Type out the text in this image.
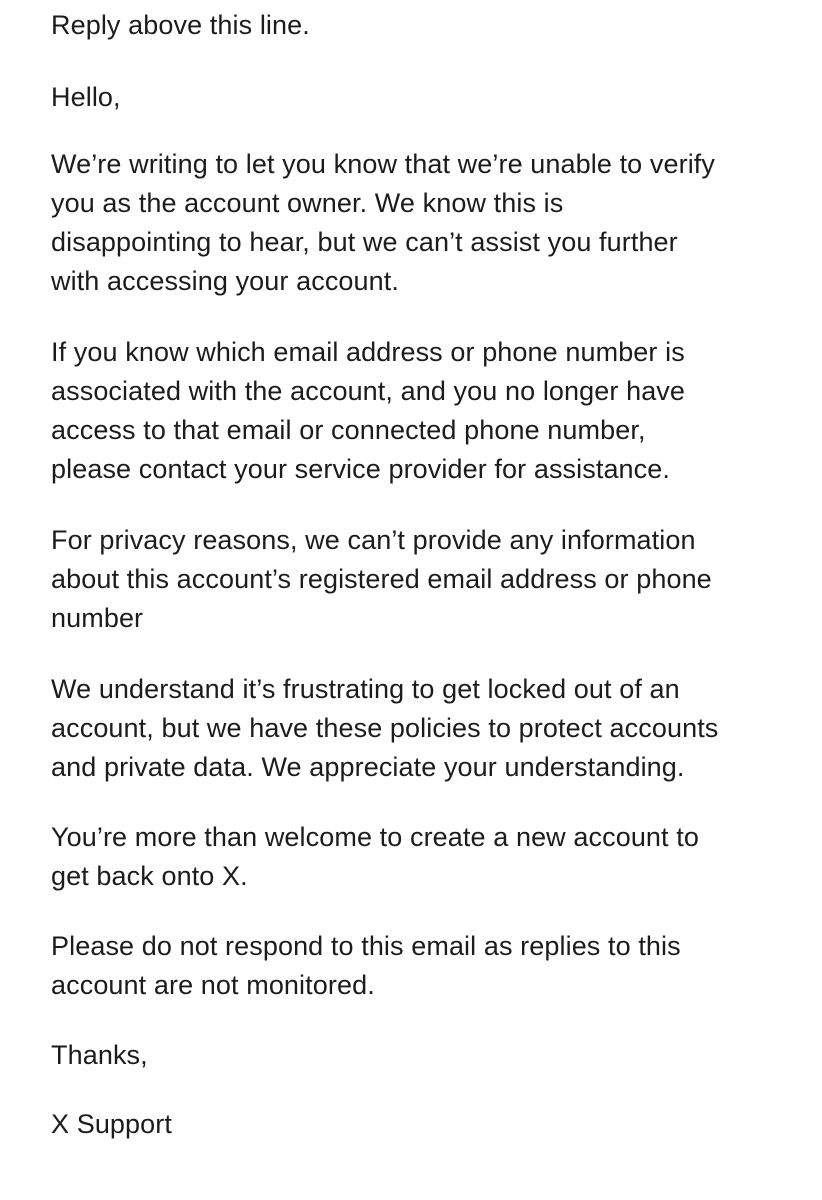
Reply above this line.
Hello,
We’re writing to let you know that we’re unable to verify
you as the account owner. We know this is
disappointing to hear, but we can’t assist you further
with accessing your account.
If you know which email address or phone number is
associated with the account, and you no longer have
access to that email or connected phone number,
please contact your service provider for assistance.
For privacy reasons, we can’t provide any information
about this account’s registered email address or phone
number
We understand it’s frustrating to get locked out of an
account, but we have these policies to protect accounts
and private data. We appreciate your understanding.
You’re more than welcome to create a new account to
get back onto X.
Please do not respond to this email as replies to this
account are not monitored.
Thanks,
X Support
